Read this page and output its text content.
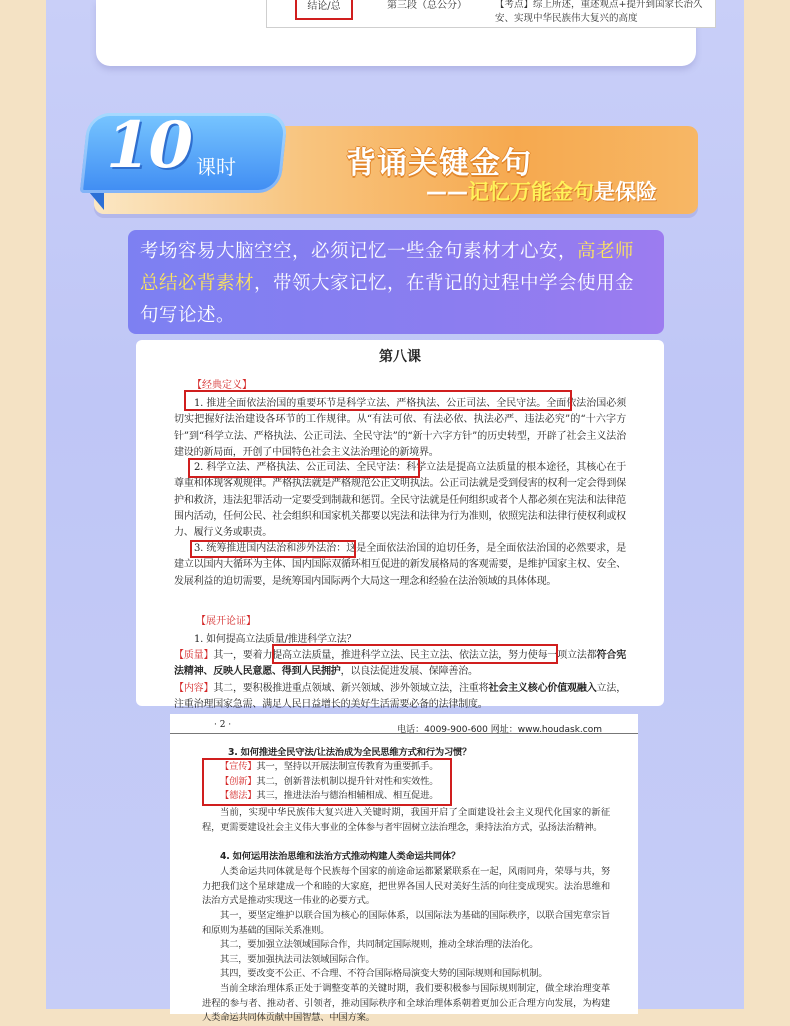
结论/总	第三段（总公分）	【考点】综上所述，重述观点+提升到国家长治久安、实现中华民族伟大复兴的高度
10 课时	背诵关键金句
——记忆万能金句是保险
考场容易大脑空空，必须记忆一些金句素材才心安，高老师总结必背素材，带领大家记忆，在背记的过程中学会使用金句写论述。
第八课
【经典定义】
1. 推进全面依法治国的重要环节是科学立法、严格执法、公正司法、全民守法。全面依法治国必须切实把握好法治建设各环节的工作规律。从“有法可依、有法必依、执法必严、违法必究”的“十六字方针”到“科学立法、严格执法、公正司法、全民守法”的“新十六字方针”的历史转型，开辟了社会主义法治建设的新局面，开创了中国特色社会主义法治理论的新境界。
2. 科学立法、严格执法、公正司法、全民守法：科学立法是提高立法质量的根本途径，其核心在于尊重和体现客观规律。严格执法就是严格规范公正文明执法。公正司法就是受到侵害的权利一定会得到保护和救济，违法犯罪活动一定要受到制裁和惩罚。全民守法就是任何组织或者个人都必须在宪法和法律范围内活动，任何公民、社会组织和国家机关都要以宪法和法律为行为准则，依照宪法和法律行使权利或权力、履行义务或职责。
3. 统筹推进国内法治和涉外法治：这是全面依法治国的迫切任务，是全面依法治国的必然要求，是建立以国内大循环为主体、国内国际双循环相互促进的新发展格局的客观需要，是维护国家主权、安全、发展利益的迫切需要，是统筹国内国际两个大局这一理念和经验在法治领域的具体体现。
【展开论证】
1. 如何提高立法质量/推进科学立法？
【质量】其一，要着力提高立法质量，推进科学立法、民主立法、依法立法，努力使每一项立法都符合宪法精神、反映人民意愿、得到人民拥护，以良法促进发展、保障善治。
【内容】其二，要积极推进重点领域、新兴领域、涉外领域立法，注重将社会主义核心价值观融入立法，注重治理国家急需、满足人民日益增长的美好生活需要必备的法律制度。
· 2 ·	电话：4009-900-600 网址：www.houdask.com
3. 如何推进全民守法/让法治成为全民思维方式和行为习惯？
【宣传】其一，坚持以开展法制宣传教育为重要抓手。
【创新】其二，创新普法机制以提升针对性和实效性。
【德法】其三，推进法治与德治相辅相成、相互促进。
当前，实现中华民族伟大复兴进入关键时期，我国开启了全面建设社会主义现代化国家的新征程，更需要建设社会主义伟大事业的全体参与者牢固树立法治理念，秉持法治方式，弘扬法治精神。
4. 如何运用法治思维和法治方式推动构建人类命运共同体？
人类命运共同体就是每个民族每个国家的前途命运都紧紧联系在一起，风雨同舟，荣辱与共，努力把我们这个星球建成一个和睦的大家庭，把世界各国人民对美好生活的向往变成现实。法治思维和法治方式是推动实现这一伟业的必要方式。
其一，要坚定维护以联合国为核心的国际体系，以国际法为基础的国际秩序，以联合国宪章宗旨和原则为基础的国际关系准则。
其二，要加强立法领域国际合作，共同制定国际规则，推动全球治理的法治化。
其三，要加强执法司法领域国际合作。
其四，要改变不公正、不合理、不符合国际格局演变大势的国际规则和国际机制。
当前全球治理体系正处于调整变革的关键时期，我们要积极参与国际规则制定，做全球治理变革进程的参与者、推动者、引领者，推动国际秩序和全球治理体系朝着更加公正合理方向发展，为构建人类命运共同体贡献中国智慧、中国方案。
